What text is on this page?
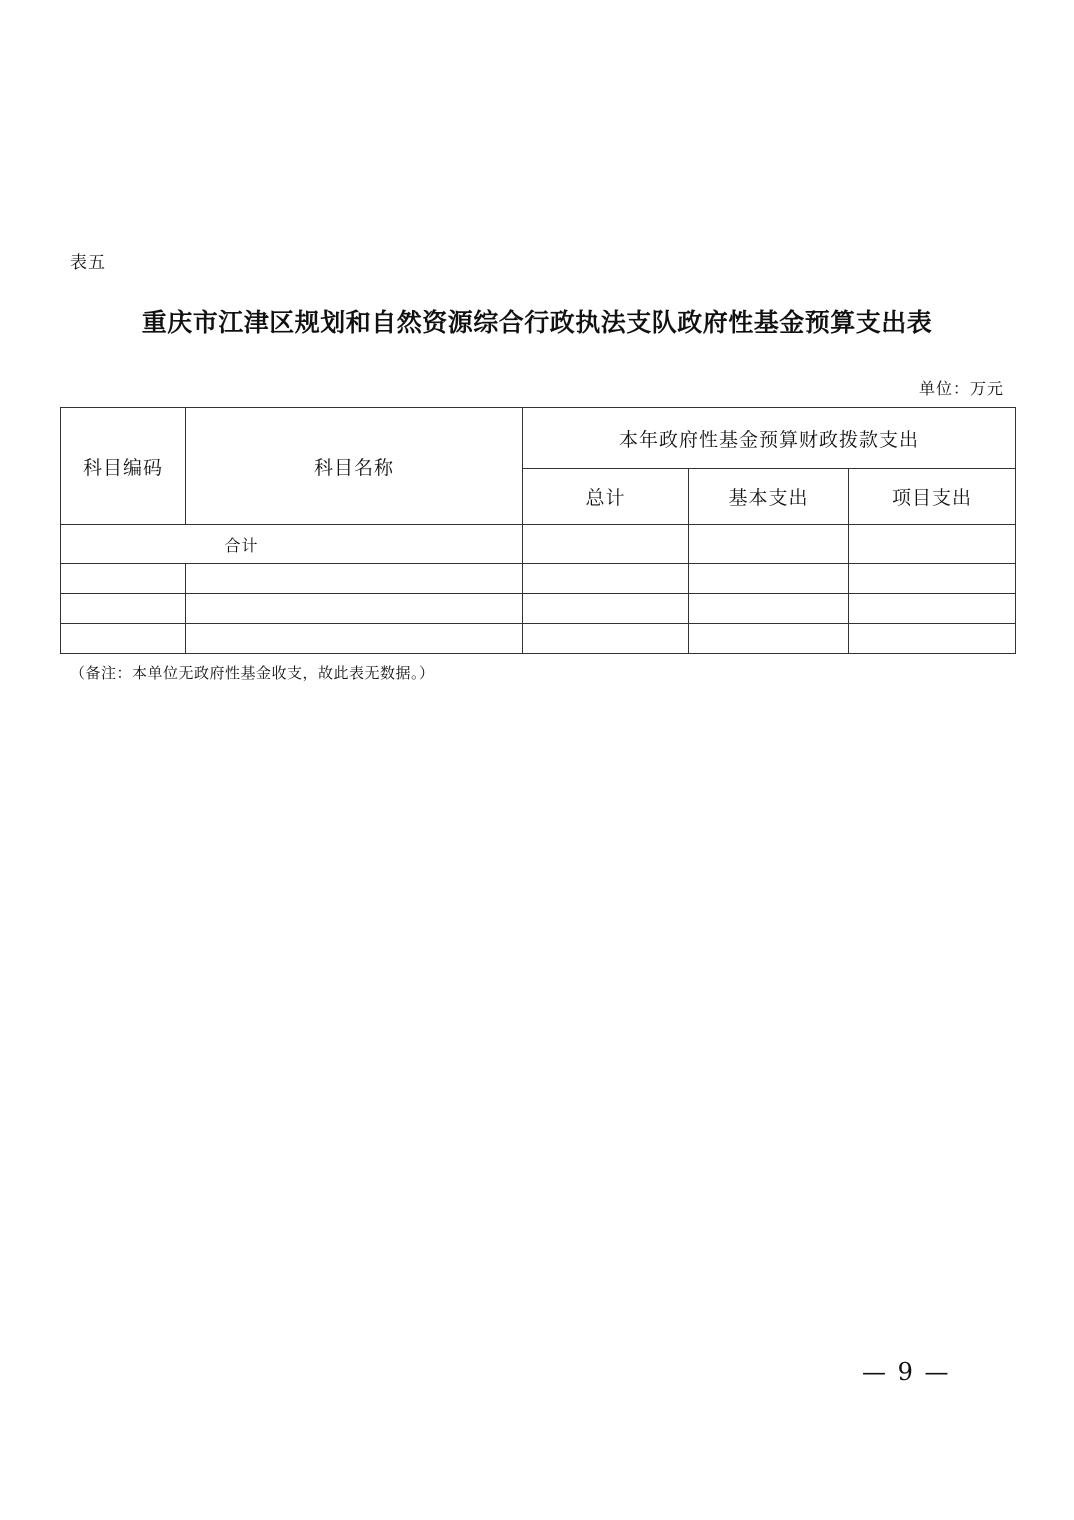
表五
重庆市江津区规划和自然资源综合行政执法支队政府性基金预算支出表
单位：万元
科目编码	科目名称	本年政府性基金预算财政拨款支出		
		总计	基本支出	项目支出
合计				

（备注：本单位无政府性基金收支，故此表无数据。）
— 9 —
